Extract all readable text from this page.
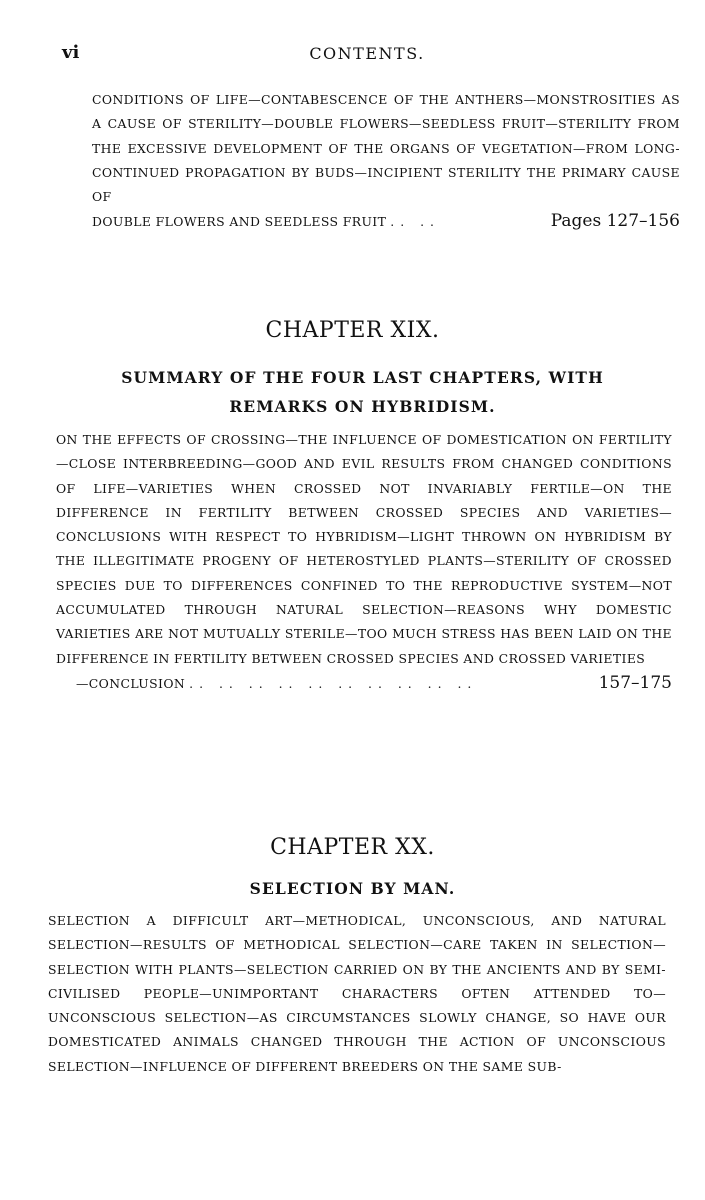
vi	CONTENTS.
CONDITIONS OF LIFE—CONTABESCENCE OF THE ANTHERS—MONSTROSITIES AS A CAUSE OF STERILITY—DOUBLE FLOWERS—SEEDLESS FRUIT—STERILITY FROM THE EXCESSIVE DEVELOPMENT OF THE ORGANS OF VEGETATION—FROM LONG-CONTINUED PROPAGATION BY BUDS—INCIPIENT STERILITY THE PRIMARY CAUSE OF
DOUBLE FLOWERS AND SEEDLESS FRUIT .. ..	Pages 127–156
CHAPTER XIX.
SUMMARY OF THE FOUR LAST CHAPTERS, WITH REMARKS ON HYBRIDISM.
ON THE EFFECTS OF CROSSING—THE INFLUENCE OF DOMESTICATION ON FERTILITY—CLOSE INTERBREEDING—GOOD AND EVIL RESULTS FROM CHANGED CONDITIONS OF LIFE—VARIETIES WHEN CROSSED NOT INVARIABLY FERTILE—ON THE DIFFERENCE IN FERTILITY BETWEEN CROSSED SPECIES AND VARIETIES—CONCLUSIONS WITH RESPECT TO HYBRIDISM—LIGHT THROWN ON HYBRIDISM BY THE ILLEGITIMATE PROGENY OF HETEROSTYLED PLANTS—STERILITY OF CROSSED SPECIES DUE TO DIFFERENCES CONFINED TO THE REPRODUCTIVE SYSTEM—NOT ACCUMULATED THROUGH NATURAL SELECTION—REASONS WHY DOMESTIC VARIETIES ARE NOT MUTUALLY STERILE—TOO MUCH STRESS HAS BEEN LAID ON THE DIFFERENCE IN FERTILITY BETWEEN CROSSED SPECIES AND CROSSED VARIETIES
—CONCLUSION .. .. .. .. .. .. .. .. .. ..	157–175
CHAPTER XX.
SELECTION BY MAN.
SELECTION A DIFFICULT ART—METHODICAL, UNCONSCIOUS, AND NATURAL SELECTION—RESULTS OF METHODICAL SELECTION—CARE TAKEN IN SELECTION—SELECTION WITH PLANTS—SELECTION CARRIED ON BY THE ANCIENTS AND BY SEMI-CIVILISED PEOPLE—UNIMPORTANT CHARACTERS OFTEN ATTENDED TO—UNCONSCIOUS SELECTION—AS CIRCUMSTANCES SLOWLY CHANGE, SO HAVE OUR DOMESTICATED ANIMALS CHANGED THROUGH THE ACTION OF UNCONSCIOUS SELECTION—INFLUENCE OF DIFFERENT BREEDERS ON THE SAME SUB-
